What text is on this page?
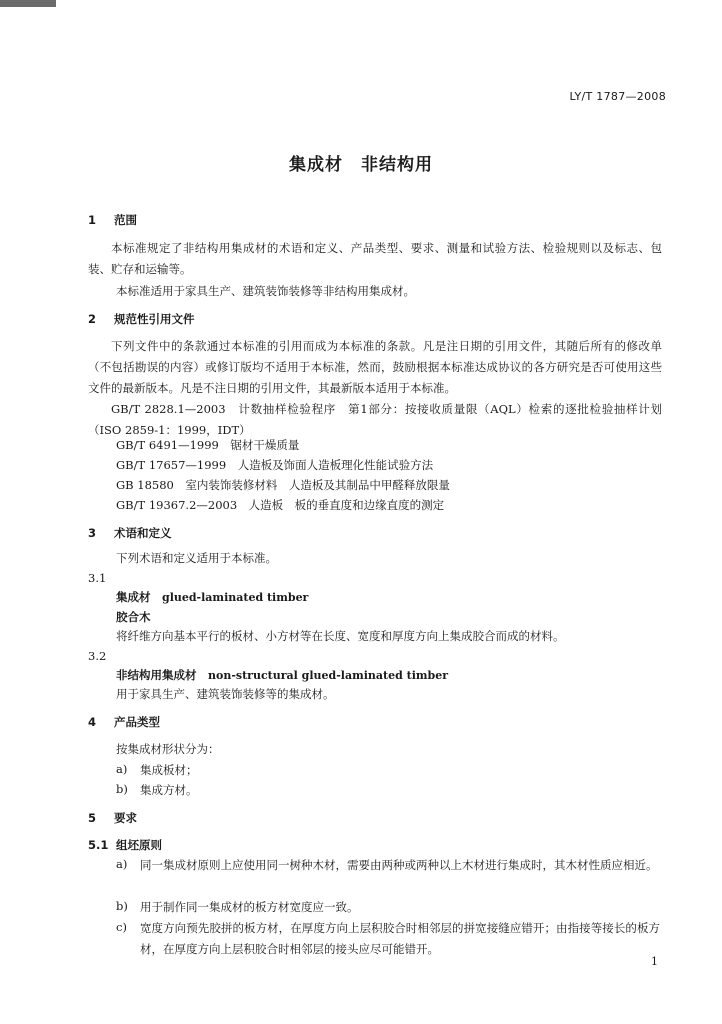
LY/T 1787—2008
集成材　非结构用
1 范围
本标准规定了非结构用集成材的术语和定义、产品类型、要求、测量和试验方法、检验规则以及标志、包装、贮存和运输等。
本标准适用于家具生产、建筑装饰装修等非结构用集成材。
2 规范性引用文件
下列文件中的条款通过本标准的引用而成为本标准的条款。凡是注日期的引用文件，其随后所有的修改单（不包括勘误的内容）或修订版均不适用于本标准，然而，鼓励根据本标准达成协议的各方研究是否可使用这些文件的最新版本。凡是不注日期的引用文件，其最新版本适用于本标准。
GB/T 2828.1—2003　计数抽样检验程序　第1部分：按接收质量限（AQL）检索的逐批检验抽样计划（ISO 2859-1：1999，IDT）
GB/T 6491—1999　锯材干燥质量
GB/T 17657—1999　人造板及饰面人造板理化性能试验方法
GB 18580　室内装饰装修材料　人造板及其制品中甲醛释放限量
GB/T 19367.2—2003　人造板　板的垂直度和边缘直度的测定
3 术语和定义
下列术语和定义适用于本标准。
3.1
集成材　 glued-laminated timber
胶合木
将纤维方向基本平行的板材、小方材等在长度、宽度和厚度方向上集成胶合而成的材料。
3.2
非结构用集成材　 non-structural glued-laminated timber
用于家具生产、建筑装饰装修等的集成材。
4 产品类型
按集成材形状分为：
a) 集成板材；
b) 集成方材。
5 要求
5.1 组坯原则
a) 同一集成材原则上应使用同一树种木材，需要由两种或两种以上木材进行集成时，其木材性质应相近。
b) 用于制作同一集成材的板方材宽度应一致。
c) 宽度方向预先胶拼的板方材，在厚度方向上层积胶合时相邻层的拼宽接缝应错开；由指接等接长的板方材，在厚度方向上层积胶合时相邻层的接头应尽可能错开。
1
